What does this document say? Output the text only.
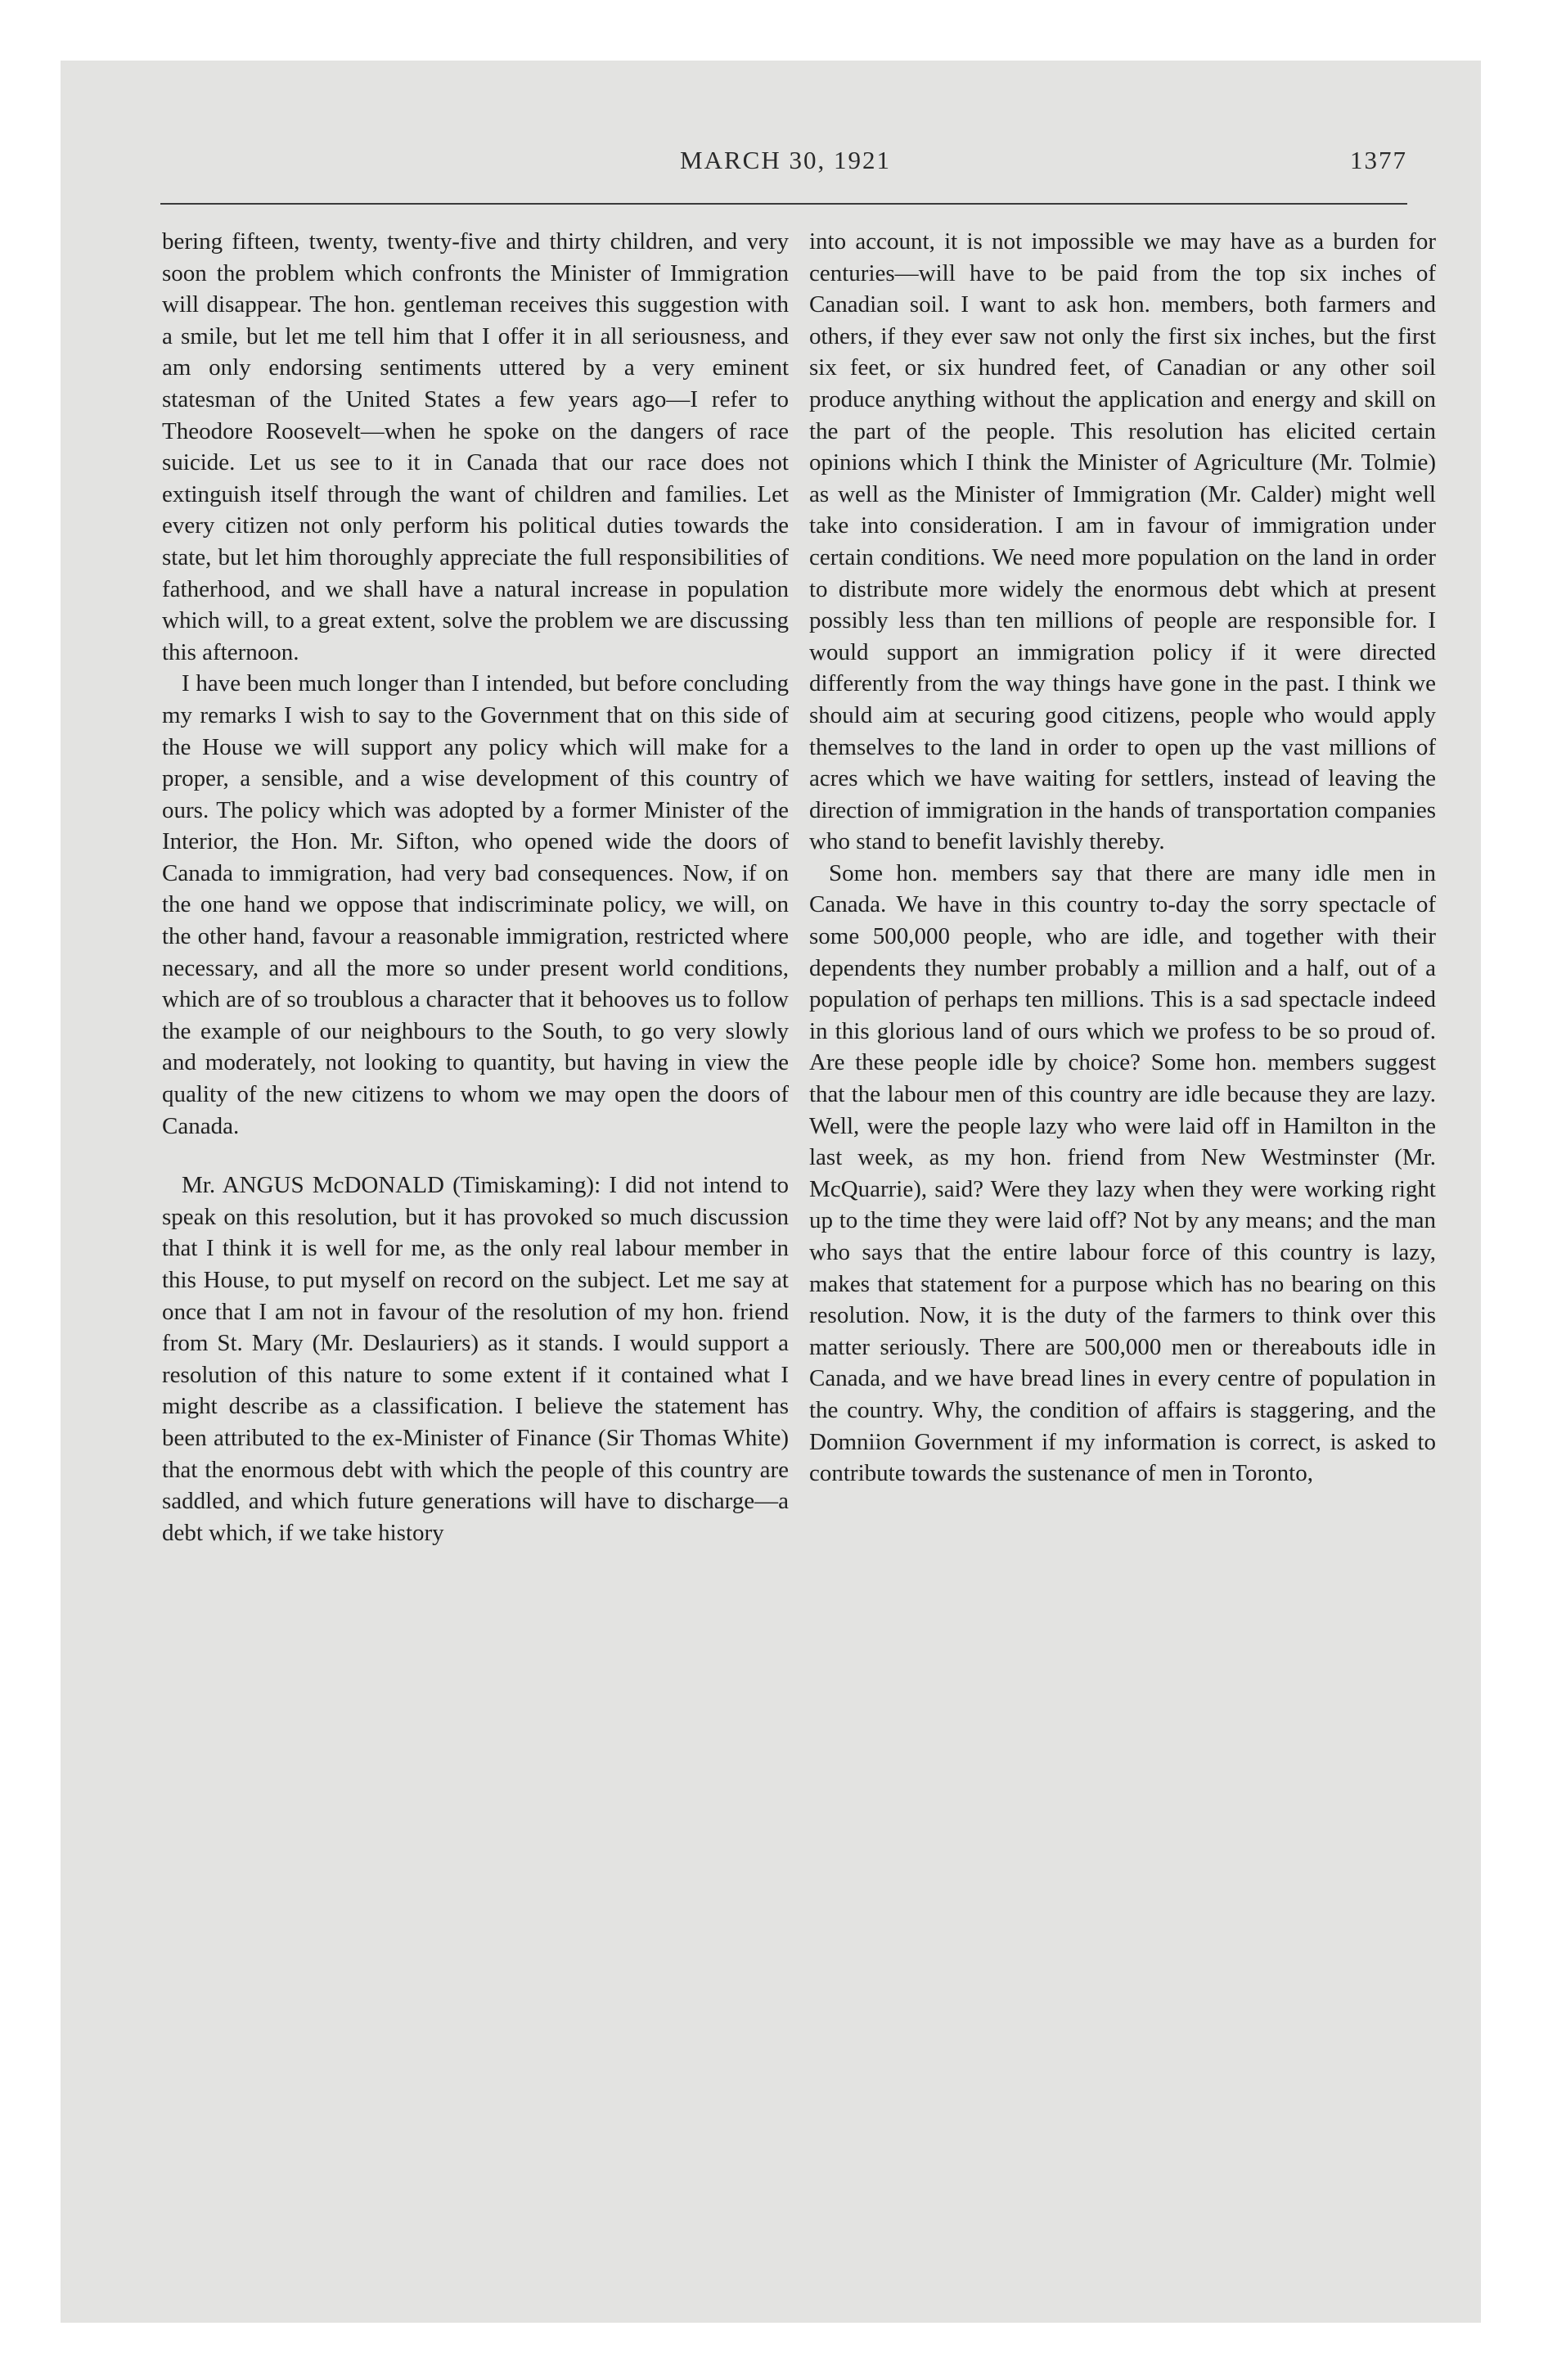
MARCH 30, 1921	1377

bering fifteen, twenty, twenty-five and thirty children, and very soon the problem which confronts the Minister of Immigration will disappear. The hon. gentleman receives this suggestion with a smile, but let me tell him that I offer it in all seriousness, and am only endorsing sentiments uttered by a very eminent statesman of the United States a few years ago—I refer to Theodore Roosevelt—when he spoke on the dangers of race suicide. Let us see to it in Canada that our race does not extinguish itself through the want of children and families. Let every citizen not only perform his political duties towards the state, but let him thoroughly appreciate the full responsibilities of fatherhood, and we shall have a natural increase in population which will, to a great extent, solve the problem we are discussing this afternoon.

I have been much longer than I intended, but before concluding my remarks I wish to say to the Government that on this side of the House we will support any policy which will make for a proper, a sensible, and a wise development of this country of ours. The policy which was adopted by a former Minister of the Interior, the Hon. Mr. Sifton, who opened wide the doors of Canada to immigration, had very bad consequences. Now, if on the one hand we oppose that indiscriminate policy, we will, on the other hand, favour a reasonable immigration, restricted where necessary, and all the more so under present world conditions, which are of so troublous a character that it behooves us to follow the example of our neighbours to the South, to go very slowly and moderately, not looking to quantity, but having in view the quality of the new citizens to whom we may open the doors of Canada.

Mr. ANGUS McDONALD (Timiskaming): I did not intend to speak on this resolution, but it has provoked so much discussion that I think it is well for me, as the only real labour member in this House, to put myself on record on the subject. Let me say at once that I am not in favour of the resolution of my hon. friend from St. Mary (Mr. Deslauriers) as it stands. I would support a resolution of this nature to some extent if it contained what I might describe as a classification. I believe the statement has been attributed to the ex-Minister of Finance (Sir Thomas White) that the enormous debt with which the people of this country are saddled, and which future generations will have to discharge—a debt which, if we take history

into account, it is not impossible we may have as a burden for centuries—will have to be paid from the top six inches of Canadian soil. I want to ask hon. members, both farmers and others, if they ever saw not only the first six inches, but the first six feet, or six hundred feet, of Canadian or any other soil produce anything without the application and energy and skill on the part of the people. This resolution has elicited certain opinions which I think the Minister of Agriculture (Mr. Tolmie) as well as the Minister of Immigration (Mr. Calder) might well take into consideration. I am in favour of immigration under certain conditions. We need more population on the land in order to distribute more widely the enormous debt which at present possibly less than ten millions of people are responsible for. I would support an immigration policy if it were directed differently from the way things have gone in the past. I think we should aim at securing good citizens, people who would apply themselves to the land in order to open up the vast millions of acres which we have waiting for settlers, instead of leaving the direction of immigration in the hands of transportation companies who stand to benefit lavishly thereby.

Some hon. members say that there are many idle men in Canada. We have in this country to-day the sorry spectacle of some 500,000 people, who are idle, and together with their dependents they number probably a million and a half, out of a population of perhaps ten millions. This is a sad spectacle indeed in this glorious land of ours which we profess to be so proud of. Are these people idle by choice? Some hon. members suggest that the labour men of this country are idle because they are lazy. Well, were the people lazy who were laid off in Hamilton in the last week, as my hon. friend from New Westminster (Mr. McQuarrie), said? Were they lazy when they were working right up to the time they were laid off? Not by any means; and the man who says that the entire labour force of this country is lazy, makes that statement for a purpose which has no bearing on this resolution. Now, it is the duty of the farmers to think over this matter seriously. There are 500,000 men or thereabouts idle in Canada, and we have bread lines in every centre of population in the country. Why, the condition of affairs is staggering, and the Domniion Government if my information is correct, is asked to contribute towards the sustenance of men in Toronto,
